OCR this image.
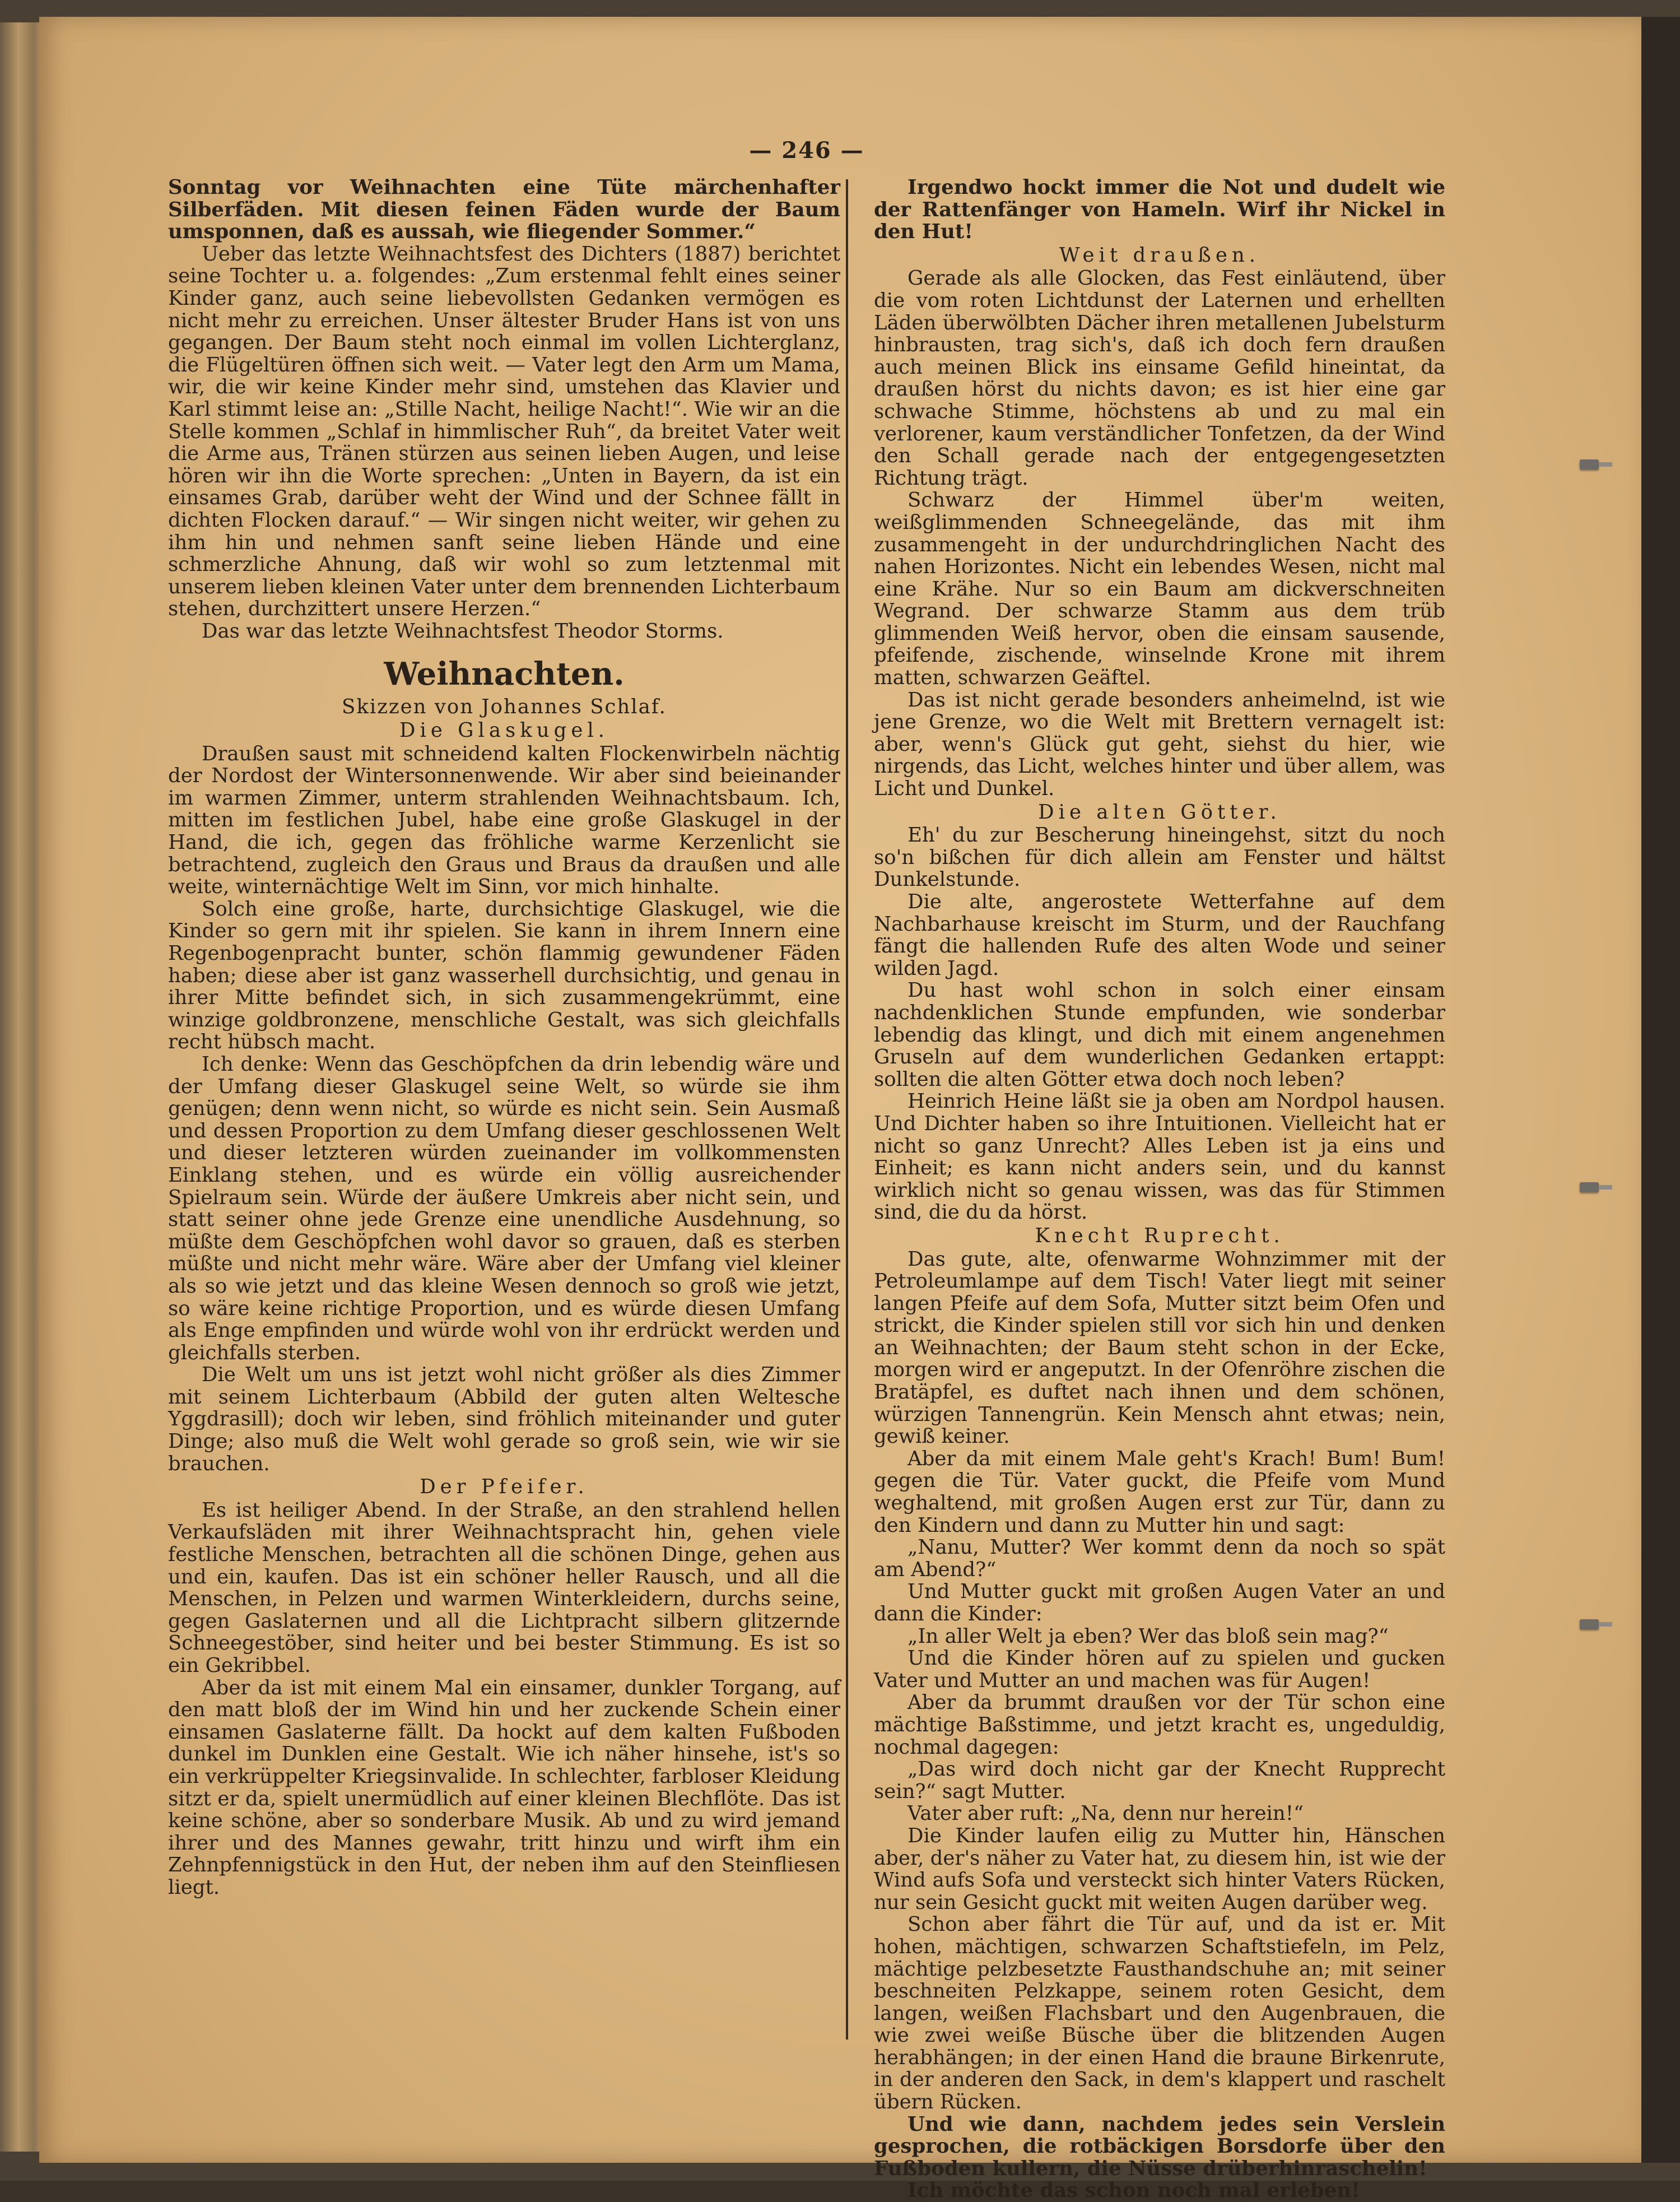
— 246 —

Sonntag vor Weihnachten eine Tüte märchenhafter Silberfäden. Mit diesen feinen Fäden wurde der Baum umsponnen, daß es aussah, wie fliegender Sommer.“

Ueber das letzte Weihnachtsfest des Dichters (1887) berichtet seine Tochter u. a. folgendes: „Zum erstenmal fehlt eines seiner Kinder ganz, auch seine liebevollsten Gedanken vermögen es nicht mehr zu erreichen. Unser ältester Bruder Hans ist von uns gegangen. Der Baum steht noch einmal im vollen Lichterglanz, die Flügeltüren öffnen sich weit. — Vater legt den Arm um Mama, wir, die wir keine Kinder mehr sind, umstehen das Klavier und Karl stimmt leise an: „Stille Nacht, heilige Nacht!“. Wie wir an die Stelle kommen „Schlaf in himmlischer Ruh“, da breitet Vater weit die Arme aus, Tränen stürzen aus seinen lieben Augen, und leise hören wir ihn die Worte sprechen: „Unten in Bayern, da ist ein einsames Grab, darüber weht der Wind und der Schnee fällt in dichten Flocken darauf.“ — Wir singen nicht weiter, wir gehen zu ihm hin und nehmen sanft seine lieben Hände und eine schmerzliche Ahnung, daß wir wohl so zum letztenmal mit unserem lieben kleinen Vater unter dem brennenden Lichterbaum stehen, durchzittert unsere Herzen.“

Das war das letzte Weihnachtsfest Theodor Storms.

Weihnachten.
Skizzen von Johannes Schlaf.
Die Glaskugel.

Draußen saust mit schneidend kalten Flockenwirbeln nächtig der Nordost der Wintersonnenwende. Wir aber sind beieinander im warmen Zimmer, unterm strahlenden Weihnachtsbaum. Ich, mitten im festlichen Jubel, habe eine große Glaskugel in der Hand, die ich, gegen das fröhliche warme Kerzenlicht sie betrachtend, zugleich den Graus und Braus da draußen und alle weite, winternächtige Welt im Sinn, vor mich hinhalte.

Solch eine große, harte, durchsichtige Glaskugel, wie die Kinder so gern mit ihr spielen. Sie kann in ihrem Innern eine Regenbogenpracht bunter, schön flammig gewundener Fäden haben; diese aber ist ganz wasserhell durchsichtig, und genau in ihrer Mitte befindet sich, in sich zusammengekrümmt, eine winzige goldbronzene, menschliche Gestalt, was sich gleichfalls recht hübsch macht.

Ich denke: Wenn das Geschöpfchen da drin lebendig wäre und der Umfang dieser Glaskugel seine Welt, so würde sie ihm genügen; denn wenn nicht, so würde es nicht sein. Sein Ausmaß und dessen Proportion zu dem Umfang dieser geschlossenen Welt und dieser letzteren würden zueinander im vollkommensten Einklang stehen, und es würde ein völlig ausreichender Spielraum sein. Würde der äußere Umkreis aber nicht sein, und statt seiner ohne jede Grenze eine unendliche Ausdehnung, so müßte dem Geschöpfchen wohl davor so grauen, daß es sterben müßte und nicht mehr wäre. Wäre aber der Umfang viel kleiner als so wie jetzt und das kleine Wesen dennoch so groß wie jetzt, so wäre keine richtige Proportion, und es würde diesen Umfang als Enge empfinden und würde wohl von ihr erdrückt werden und gleichfalls sterben.

Die Welt um uns ist jetzt wohl nicht größer als dies Zimmer mit seinem Lichterbaum (Abbild der guten alten Weltesche Yggdrasill); doch wir leben, sind fröhlich miteinander und guter Dinge; also muß die Welt wohl gerade so groß sein, wie wir sie brauchen.

Der Pfeifer.

Es ist heiliger Abend. In der Straße, an den strahlend hellen Verkaufsläden mit ihrer Weihnachtspracht hin, gehen viele festliche Menschen, betrachten all die schönen Dinge, gehen aus und ein, kaufen. Das ist ein schöner heller Rausch, und all die Menschen, in Pelzen und warmen Winterkleidern, durchs seine, gegen Gaslaternen und all die Lichtpracht silbern glitzernde Schneegestöber, sind heiter und bei bester Stimmung. Es ist so ein Gekribbel.

Aber da ist mit einem Mal ein einsamer, dunkler Torgang, auf den matt bloß der im Wind hin und her zuckende Schein einer einsamen Gaslaterne fällt. Da hockt auf dem kalten Fußboden dunkel im Dunklen eine Gestalt. Wie ich näher hinsehe, ist's so ein verkrüppelter Kriegsinvalide. In schlechter, farbloser Kleidung sitzt er da, spielt unermüdlich auf einer kleinen Blechflöte. Das ist keine schöne, aber so sonderbare Musik. Ab und zu wird jemand ihrer und des Mannes gewahr, tritt hinzu und wirft ihm ein Zehnpfennigstück in den Hut, der neben ihm auf den Steinfliesen liegt.

Irgendwo hockt immer die Not und dudelt wie der Rattenfänger von Hameln. Wirf ihr Nickel in den Hut!

Weit draußen.

Gerade als alle Glocken, das Fest einläutend, über die vom roten Lichtdunst der Laternen und erhellten Läden überwölbten Dächer ihren metallenen Jubelsturm hinbrausten, trag sich's, daß ich doch fern draußen auch meinen Blick ins einsame Gefild hineintat, da draußen hörst du nichts davon; es ist hier eine gar schwache Stimme, höchstens ab und zu mal ein verlorener, kaum verständlicher Tonfetzen, da der Wind den Schall gerade nach der entgegengesetzten Richtung trägt.

Schwarz der Himmel über'm weiten, weißglimmenden Schneegelände, das mit ihm zusammengeht in der undurchdringlichen Nacht des nahen Horizontes. Nicht ein lebendes Wesen, nicht mal eine Krähe. Nur so ein Baum am dickverschneiten Wegrand. Der schwarze Stamm aus dem trüb glimmenden Weiß hervor, oben die einsam sausende, pfeifende, zischende, winselnde Krone mit ihrem matten, schwarzen Geäftel.

Das ist nicht gerade besonders anheimelnd, ist wie jene Grenze, wo die Welt mit Brettern vernagelt ist: aber, wenn's Glück gut geht, siehst du hier, wie nirgends, das Licht, welches hinter und über allem, was Licht und Dunkel.

Die alten Götter.

Eh' du zur Bescherung hineingehst, sitzt du noch so'n bißchen für dich allein am Fenster und hältst Dunkelstunde.

Die alte, angerostete Wetterfahne auf dem Nachbarhause kreischt im Sturm, und der Rauchfang fängt die hallenden Rufe des alten Wode und seiner wilden Jagd.

Du hast wohl schon in solch einer einsam nachdenklichen Stunde empfunden, wie sonderbar lebendig das klingt, und dich mit einem angenehmen Gruseln auf dem wunderlichen Gedanken ertappt: sollten die alten Götter etwa doch noch leben?

Heinrich Heine läßt sie ja oben am Nordpol hausen. Und Dichter haben so ihre Intuitionen. Vielleicht hat er nicht so ganz Unrecht? Alles Leben ist ja eins und Einheit; es kann nicht anders sein, und du kannst wirklich nicht so genau wissen, was das für Stimmen sind, die du da hörst.

Knecht Ruprecht.

Das gute, alte, ofenwarme Wohnzimmer mit der Petroleumlampe auf dem Tisch! Vater liegt mit seiner langen Pfeife auf dem Sofa, Mutter sitzt beim Ofen und strickt, die Kinder spielen still vor sich hin und denken an Weihnachten; der Baum steht schon in der Ecke, morgen wird er angeputzt. In der Ofenröhre zischen die Bratäpfel, es duftet nach ihnen und dem schönen, würzigen Tannengrün. Kein Mensch ahnt etwas; nein, gewiß keiner.

Aber da mit einem Male geht's Krach! Bum! Bum! gegen die Tür. Vater guckt, die Pfeife vom Mund weghaltend, mit großen Augen erst zur Tür, dann zu den Kindern und dann zu Mutter hin und sagt:

„Nanu, Mutter? Wer kommt denn da noch so spät am Abend?“

Und Mutter guckt mit großen Augen Vater an und dann die Kinder:

„In aller Welt ja eben? Wer das bloß sein mag?“

Und die Kinder hören auf zu spielen und gucken Vater und Mutter an und machen was für Augen!

Aber da brummt draußen vor der Tür schon eine mächtige Baßstimme, und jetzt kracht es, ungeduldig, nochmal dagegen:

„Das wird doch nicht gar der Knecht Rupprecht sein?“ sagt Mutter.

Vater aber ruft: „Na, denn nur herein!“

Die Kinder laufen eilig zu Mutter hin, Hänschen aber, der's näher zu Vater hat, zu diesem hin, ist wie der Wind aufs Sofa und versteckt sich hinter Vaters Rücken, nur sein Gesicht guckt mit weiten Augen darüber weg.

Schon aber fährt die Tür auf, und da ist er. Mit hohen, mächtigen, schwarzen Schaftstiefeln, im Pelz, mächtige pelzbesetzte Fausthandschuhe an; mit seiner beschneiten Pelzkappe, seinem roten Gesicht, dem langen, weißen Flachsbart und den Augenbrauen, die wie zwei weiße Büsche über die blitzenden Augen herabhängen; in der einen Hand die braune Birkenrute, in der anderen den Sack, in dem's klappert und raschelt übern Rücken.

Und wie dann, nachdem jedes sein Verslein gesprochen, die rotbäckigen Borsdorfe über den Fußboden kullern, die Nüsse drüberhinraschelin!

Ich möchte das schon noch mal erleben!
